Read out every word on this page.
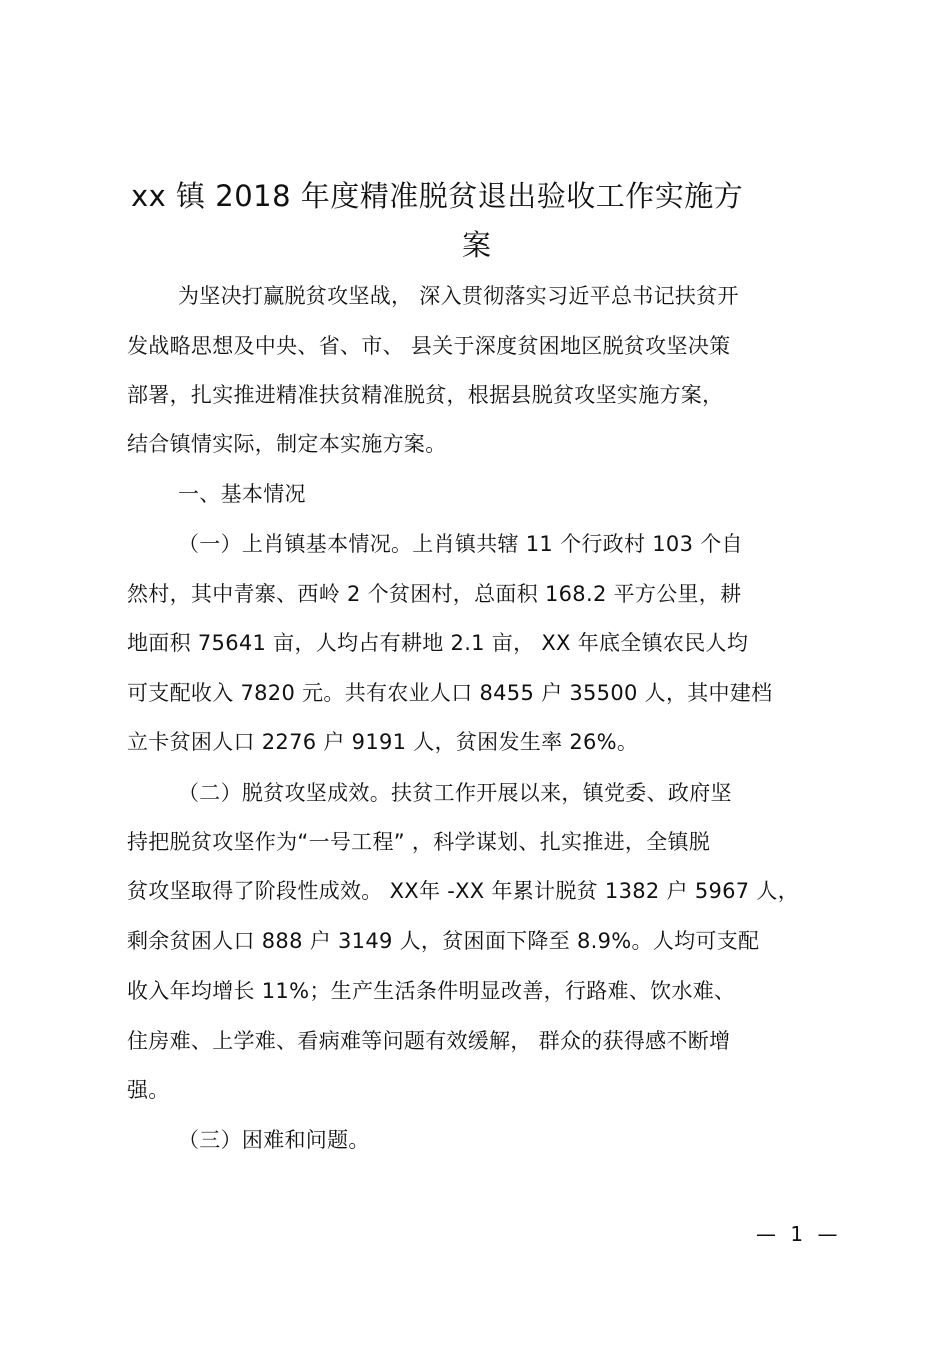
xx 镇 2018 年度精准脱贫退出验收工作实施方
案
为坚决打赢脱贫攻坚战， 深入贯彻落实习近平总书记扶贫开
发战略思想及中央、省、市、 县关于深度贫困地区脱贫攻坚决策
部署，扎实推进精准扶贫精准脱贫，根据县脱贫攻坚实施方案，
结合镇情实际，制定本实施方案。
一、基本情况
（一）上肖镇基本情况。上肖镇共辖 11 个行政村 103 个自
然村，其中青寨、西岭 2 个贫困村，总面积 168.2 平方公里，耕
地面积 75641 亩，人均占有耕地 2.1 亩， XX 年底全镇农民人均
可支配收入 7820 元。共有农业人口 8455 户 35500 人，其中建档
立卡贫困人口 2276 户 9191 人，贫困发生率 26%。
（二）脱贫攻坚成效。扶贫工作开展以来，镇党委、政府坚
持把脱贫攻坚作为“一号工程” ，科学谋划、扎实推进，全镇脱
贫攻坚取得了阶段性成效。 XX年 -XX 年累计脱贫 1382 户 5967 人，
剩余贫困人口 888 户 3149 人，贫困面下降至 8.9%。人均可支配
收入年均增长 11%；生产生活条件明显改善，行路难、饮水难、
住房难、上学难、看病难等问题有效缓解， 群众的获得感不断增
强。
（三）困难和问题。
— 1 —
